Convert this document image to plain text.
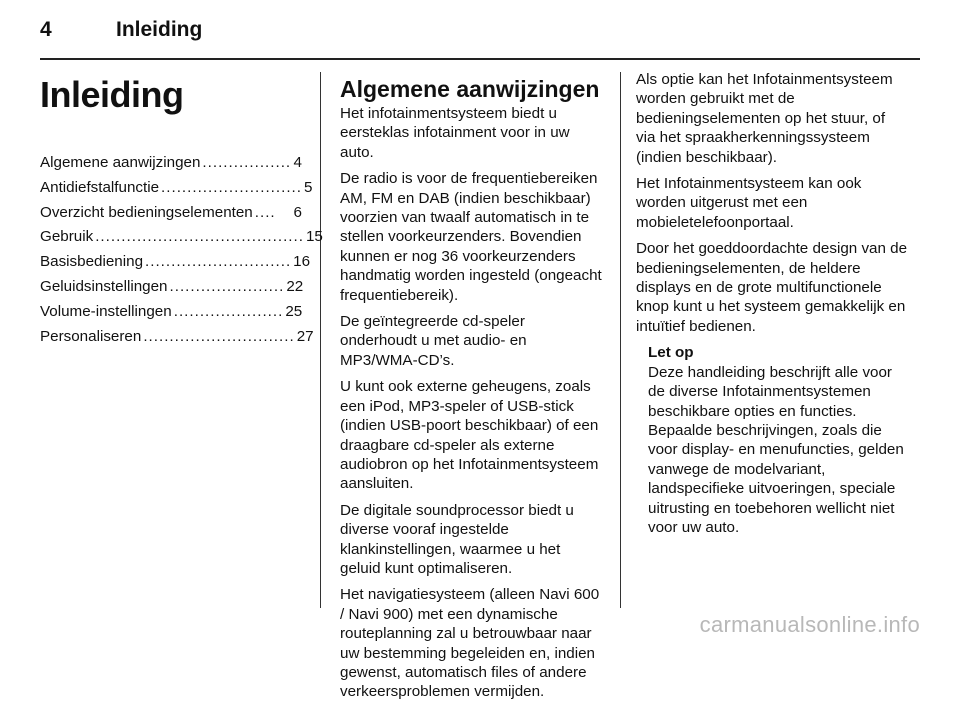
4	Inleiding
Inleiding
Algemene aanwijzingen ................. 4
Antidiefstalfunctie ........................... 5
Overzicht bedieningselementen ....	6
Gebruik ........................................ 15
Basisbediening ............................ 16
Geluidsinstellingen ...................... 22
Volume-instellingen ..................... 25
Personaliseren ............................. 27
Algemene aanwijzingen

Het infotainmentsysteem biedt u eersteklas infotainment voor in uw auto.

De radio is voor de frequentiebereiken AM, FM en DAB (indien beschikbaar) voorzien van twaalf automatisch in te stellen voorkeurzenders. Bovendien kunnen er nog 36 voorkeurzenders handmatig worden ingesteld (ongeacht frequentiebereik).

De geïntegreerde cd-speler onderhoudt u met audio- en MP3/WMA-CD’s.

U kunt ook externe geheugens, zoals een iPod, MP3-speler of USB-stick (indien USB-poort beschikbaar) of een draagbare cd-speler als externe audiobron op het Infotainmentsysteem aansluiten.

De digitale soundprocessor biedt u diverse vooraf ingestelde klankinstellingen, waarmee u het geluid kunt optimaliseren.

Het navigatiesysteem (alleen Navi 600 / Navi 900) met een dynamische routeplanning zal u betrouwbaar naar uw bestemming begeleiden en, indien gewenst, automatisch files of andere verkeersproblemen vermijden.

Als optie kan het Infotainmentsysteem worden gebruikt met de bedieningselementen op het stuur, of via het spraakherkenningssysteem (indien beschikbaar).

Het Infotainmentsysteem kan ook worden uitgerust met een mobieletelefoonportaal.

Door het goeddoordachte design van de bedieningselementen, de heldere displays en de grote multifunctionele knop kunt u het systeem gemakkelijk en intuïtief bedienen.

Let op
Deze handleiding beschrijft alle voor de diverse Infotainmentsystemen beschikbare opties en functies. Bepaalde beschrijvingen, zoals die voor display- en menufuncties, gelden vanwege de modelvariant, landspecifieke uitvoeringen, speciale uitrusting en toebehoren wellicht niet voor uw auto.
carmanualsonline.info
